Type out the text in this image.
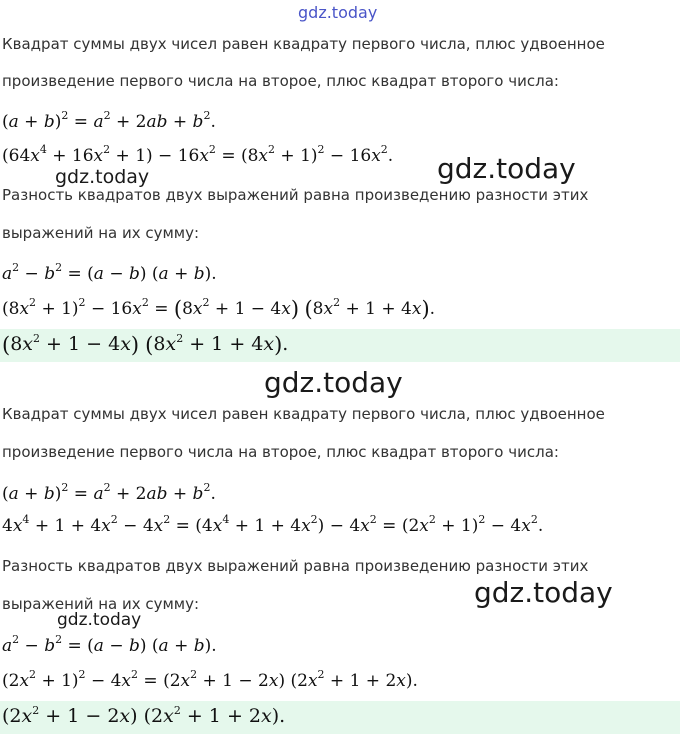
gdz.today
Квадрат суммы двух чисел равен квадрату первого числа, плюс удвоенное
произведение первого числа на второе, плюс квадрат второго числа:
$(a + b)^2 = a^2 + 2ab + b^2$.
$(64x^4 + 16x^2 + 1) - 16x^2 = (8x^2 + 1)^2 - 16x^2$. gdz.today
gdz.today
Разность квадратов двух выражений равна произведению разности этих
выражений на их сумму:
$a^2 - b^2 = (a - b) (a + b)$.
$(8x^2 + 1)^2 - 16x^2 = (8x^2 + 1 - 4x) (8x^2 + 1 + 4x)$.
$(8x^2 + 1 - 4x) (8x^2 + 1 + 4x)$.
gdz.today
Квадрат суммы двух чисел равен квадрату первого числа, плюс удвоенное
произведение первого числа на второе, плюс квадрат второго числа:
$(a + b)^2 = a^2 + 2ab + b^2$.
$4x^4 + 1 + 4x^2 - 4x^2 = (4x^4 + 1 + 4x^2) - 4x^2 = (2x^2 + 1)^2 - 4x^2$.
Разность квадратов двух выражений равна произведению разности этих
gdz.today
выражений на их сумму:
gdz.today
$a^2 - b^2 = (a - b) (a + b)$.
$(2x^2 + 1)^2 - 4x^2 = (2x^2 + 1 - 2x) (2x^2 + 1 + 2x)$.
$(2x^2 + 1 - 2x) (2x^2 + 1 + 2x)$.
